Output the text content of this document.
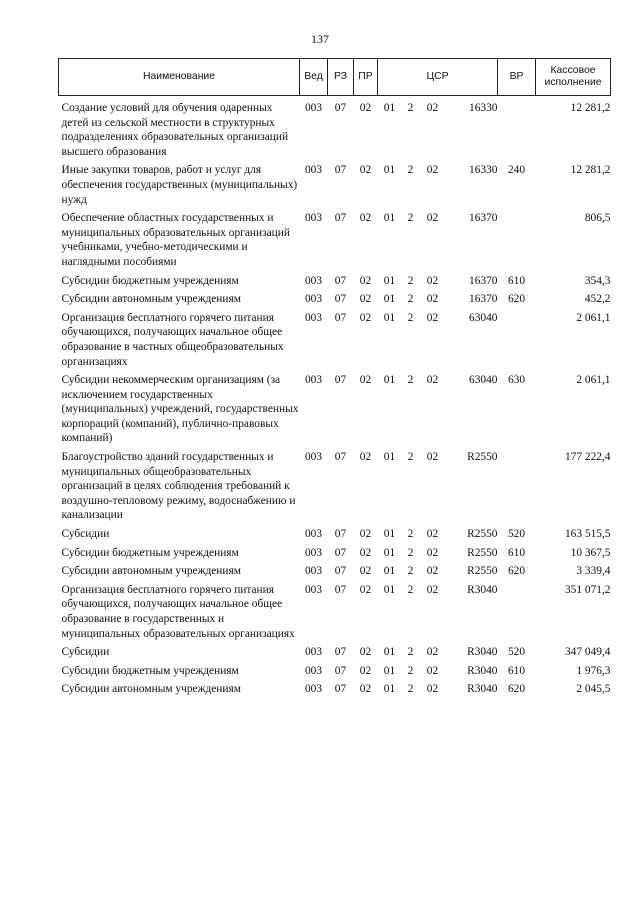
137
Наименование	Вед	РЗ	ПР	ЦСР				ВР	Кассовое исполнение
Создание условий для обучения одаренных детей из сельской местности в структурных подразделениях образовательных организаций высшего образования	003	07	02	01	2	02	16330		12 281,2
Иные закупки товаров, работ и услуг для обеспечения государственных (муниципальных) нужд	003	07	02	01	2	02	16330	240	12 281,2
Обеспечение областных государственных и муниципальных образовательных организаций учебниками, учебно-методическими и наглядными пособиями	003	07	02	01	2	02	16370		806,5
Субсидии бюджетным учреждениям	003	07	02	01	2	02	16370	610	354,3
Субсидии автономным учреждениям	003	07	02	01	2	02	16370	620	452,2
Организация бесплатного горячего питания обучающихся, получающих начальное общее образование в частных общеобразовательных организациях	003	07	02	01	2	02	63040		2 061,1
Субсидии некоммерческим организациям (за исключением государственных (муниципальных) учреждений, государственных корпораций (компаний), публично-правовых компаний)	003	07	02	01	2	02	63040	630	2 061,1
Благоустройство зданий государственных и муниципальных общеобразовательных организаций в целях соблюдения требований к воздушно-тепловому режиму, водоснабжению и канализации	003	07	02	01	2	02	R2550		177 222,4
Субсидии	003	07	02	01	2	02	R2550	520	163 515,5
Субсидии бюджетным учреждениям	003	07	02	01	2	02	R2550	610	10 367,5
Субсидии автономным учреждениям	003	07	02	01	2	02	R2550	620	3 339,4
Организация бесплатного горячего питания обучающихся, получающих начальное общее образование в государственных и муниципальных образовательных организациях	003	07	02	01	2	02	R3040		351 071,2
Субсидии	003	07	02	01	2	02	R3040	520	347 049,4
Субсидии бюджетным учреждениям	003	07	02	01	2	02	R3040	610	1 976,3
Субсидии автономным учреждениям	003	07	02	01	2	02	R3040	620	2 045,5
